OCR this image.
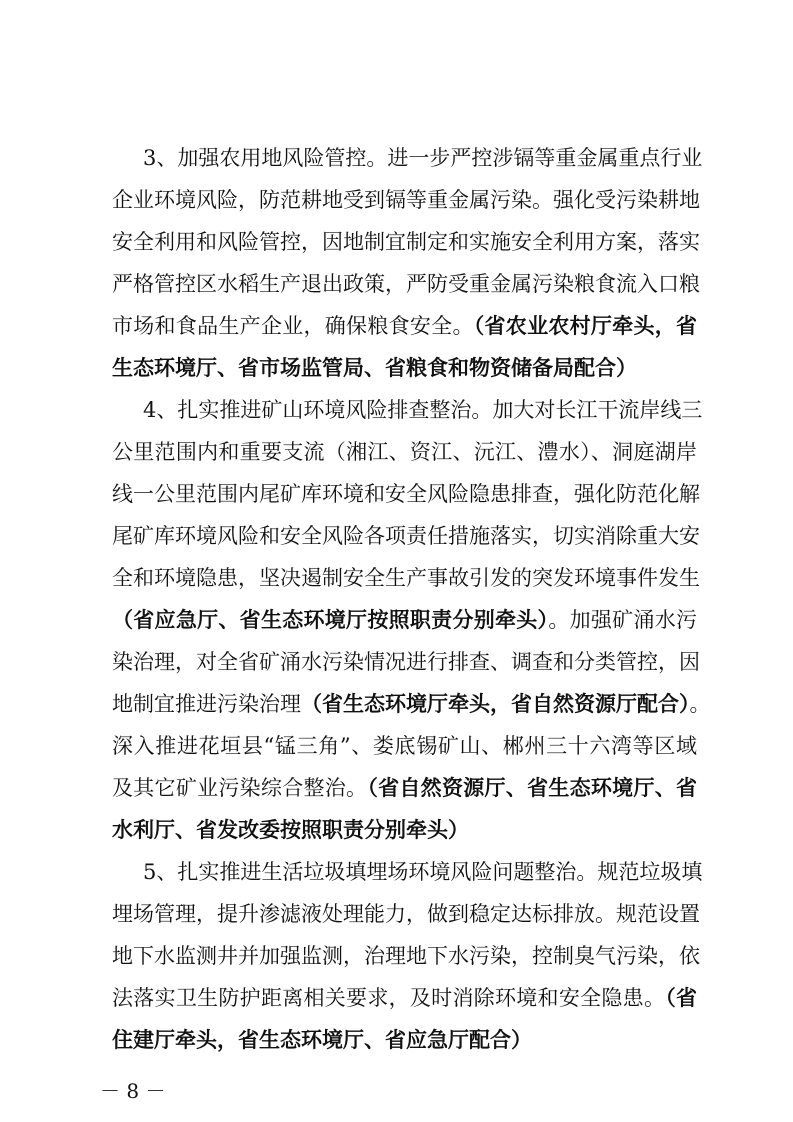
3、加强农用地风险管控。进一步严控涉镉等重金属重点行业
企业环境风险，防范耕地受到镉等重金属污染。强化受污染耕地
安全利用和风险管控，因地制宜制定和实施安全利用方案，落实
严格管控区水稻生产退出政策，严防受重金属污染粮食流入口粮
市场和食品生产企业，确保粮食安全。（省农业农村厅牵头，省
生态环境厅、省市场监管局、省粮食和物资储备局配合）
4、扎实推进矿山环境风险排查整治。加大对长江干流岸线三
公里范围内和重要支流（湘江、资江、沅江、澧水）、洞庭湖岸
线一公里范围内尾矿库环境和安全风险隐患排查，强化防范化解
尾矿库环境风险和安全风险各项责任措施落实，切实消除重大安
全和环境隐患，坚决遏制安全生产事故引发的突发环境事件发生
（省应急厅、省生态环境厅按照职责分别牵头）。加强矿涌水污
染治理，对全省矿涌水污染情况进行排查、调查和分类管控，因
地制宜推进污染治理（省生态环境厅牵头，省自然资源厅配合）。
深入推进花垣县“锰三角”、娄底锡矿山、郴州三十六湾等区域
及其它矿业污染综合整治。（省自然资源厅、省生态环境厅、省
水利厅、省发改委按照职责分别牵头）
5、扎实推进生活垃圾填埋场环境风险问题整治。规范垃圾填
埋场管理，提升渗滤液处理能力，做到稳定达标排放。规范设置
地下水监测井并加强监测，治理地下水污染，控制臭气污染，依
法落实卫生防护距离相关要求，及时消除环境和安全隐患。（省
住建厅牵头，省生态环境厅、省应急厅配合）
－ 8 －
